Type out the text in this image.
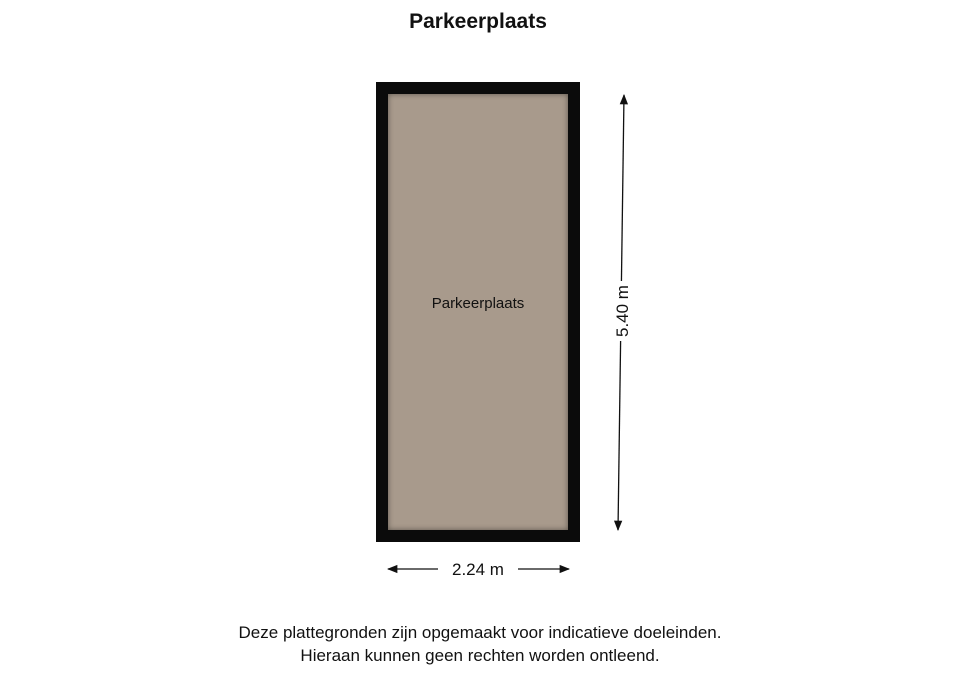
Parkeerplaats
Parkeerplaats
2.24 m
5.40 m
Deze plattegronden zijn opgemaakt voor indicatieve doeleinden.
Hieraan kunnen geen rechten worden ontleend.
